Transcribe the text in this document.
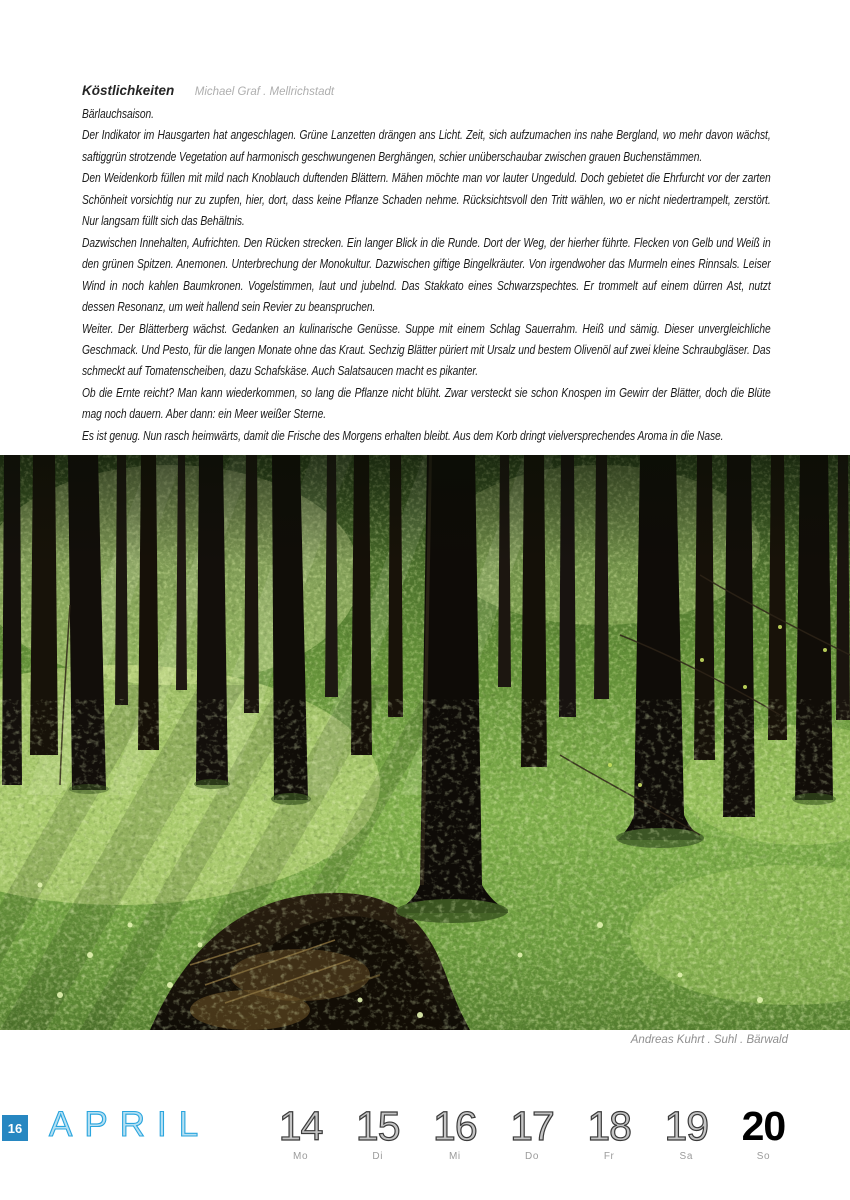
Köstlichkeiten Michael Graf . Mellrichstadt

Bärlauchsaison.

Der Indikator im Hausgarten hat angeschlagen. Grüne Lanzetten drängen ans Licht. Zeit, sich aufzumachen ins nahe Bergland, wo mehr davon wächst, saftiggrün strotzende Vegetation auf harmonisch geschwungenen Berghängen, schier unüberschaubar zwischen grauen Buchenstämmen.

Den Weidenkorb füllen mit mild nach Knoblauch duftenden Blättern. Mähen möchte man vor lauter Ungeduld. Doch gebietet die Ehrfurcht vor der zarten Schönheit vorsichtig nur zu zupfen, hier, dort, dass keine Pflanze Schaden nehme. Rücksichtsvoll den Tritt wählen, wo er nicht niedertrampelt, zerstört. Nur langsam füllt sich das Behältnis.

Dazwischen Innehalten, Aufrichten. Den Rücken strecken. Ein langer Blick in die Runde. Dort der Weg, der hierher führte. Flecken von Gelb und Weiß in den grünen Spitzen. Anemonen. Unterbrechung der Monokultur. Dazwischen giftige Bingelkräuter. Von irgendwoher das Murmeln eines Rinnsals. Leiser Wind in noch kahlen Baumkronen. Vogelstimmen, laut und jubelnd. Das Stakkato eines Schwarzspechtes. Er trommelt auf einem dürren Ast, nutzt dessen Resonanz, um weit hallend sein Revier zu beanspruchen.

Weiter. Der Blätterberg wächst. Gedanken an kulinarische Genüsse. Suppe mit einem Schlag Sauerrahm. Heiß und sämig. Dieser unvergleichliche Geschmack. Und Pesto, für die langen Monate ohne das Kraut. Sechzig Blätter püriert mit Ursalz und bestem Olivenöl auf zwei kleine Schraubgläser. Das schmeckt auf Tomatenscheiben, dazu Schafskäse. Auch Salatsaucen macht es pikanter.

Ob die Ernte reicht? Man kann wiederkommen, so lang die Pflanze nicht blüht. Zwar versteckt sie schon Knospen im Gewirr der Blätter, doch die Blüte mag noch dauern. Aber dann: ein Meer weißer Sterne.

Es ist genug. Nun rasch heimwärts, damit die Frische des Morgens erhalten bleibt. Aus dem Korb dringt vielversprechendes Aroma in die Nase.

Andreas Kuhrt . Suhl . Bärwald
16 APRIL	14
Mo
15
Di
16
Mi
17
Do
18
Fr
19
Sa
20
So
